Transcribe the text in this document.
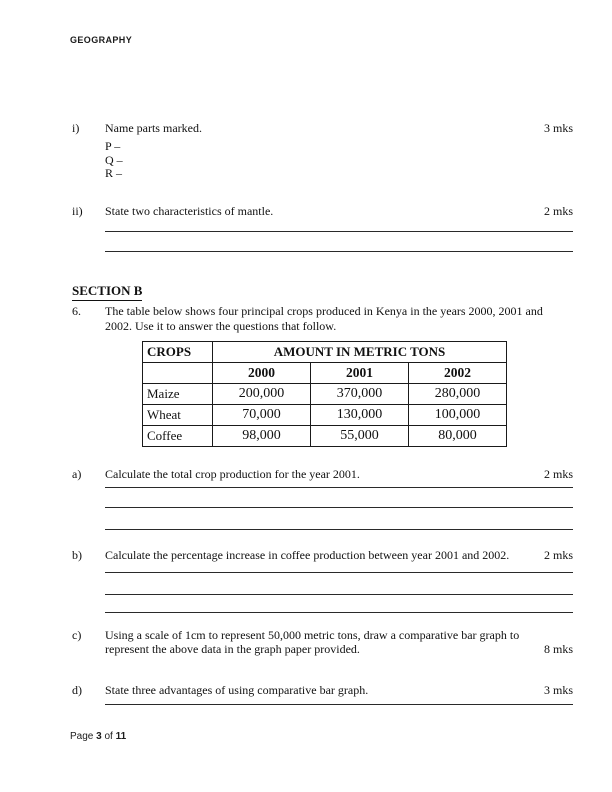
GEOGRAPHY
i)	Name parts marked.	3 mks
P –
Q –
R –
ii)	State two characteristics of mantle.	2 mks
SECTION B
6.	The table below shows four principal crops produced in Kenya in the years 2000, 2001 and 2002. Use it to answer the questions that follow.
CROPS	AMOUNT IN METRIC TONS		
	2000	2001	2002
Maize	200,000	370,000	280,000
Wheat	70,000	130,000	100,000
Coffee	98,000	55,000	80,000
a)	Calculate the total crop production for the year 2001.	2 mks
b)	Calculate the percentage increase in coffee production between year 2001 and 2002.	2 mks
c)	Using a scale of 1cm to represent 50,000 metric tons, draw a comparative bar graph to represent the above data in the graph paper provided.	8 mks
d)	State three advantages of using comparative bar graph.	3 mks
Page 3 of 11
